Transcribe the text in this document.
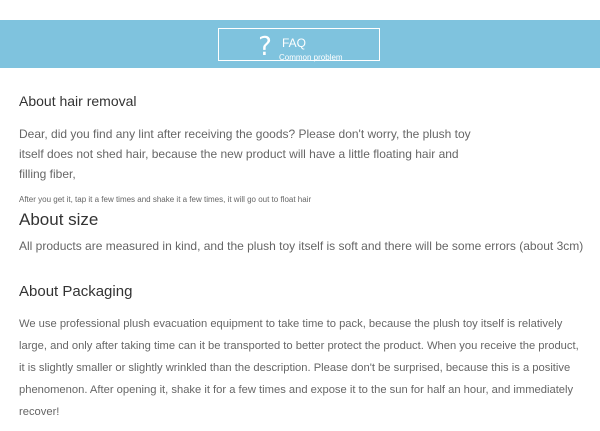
? FAQ
Common problem
About hair removal

Dear, did you find any lint after receiving the goods? Please don't worry, the plush toy itself does not shed hair, because the new product will have a little floating hair and filling fiber,

After you get it, tap it a few times and shake it a few times, it will go out to float hair

About size

All products are measured in kind, and the plush toy itself is soft and there will be some errors (about 3cm)

About Packaging

We use professional plush evacuation equipment to take time to pack, because the plush toy itself is relatively large, and only after taking time can it be transported to better protect the product. When you receive the product, it is slightly smaller or slightly wrinkled than the description. Please don't be surprised, because this is a positive phenomenon. After opening it, shake it for a few times and expose it to the sun for half an hour, and immediately recover!
